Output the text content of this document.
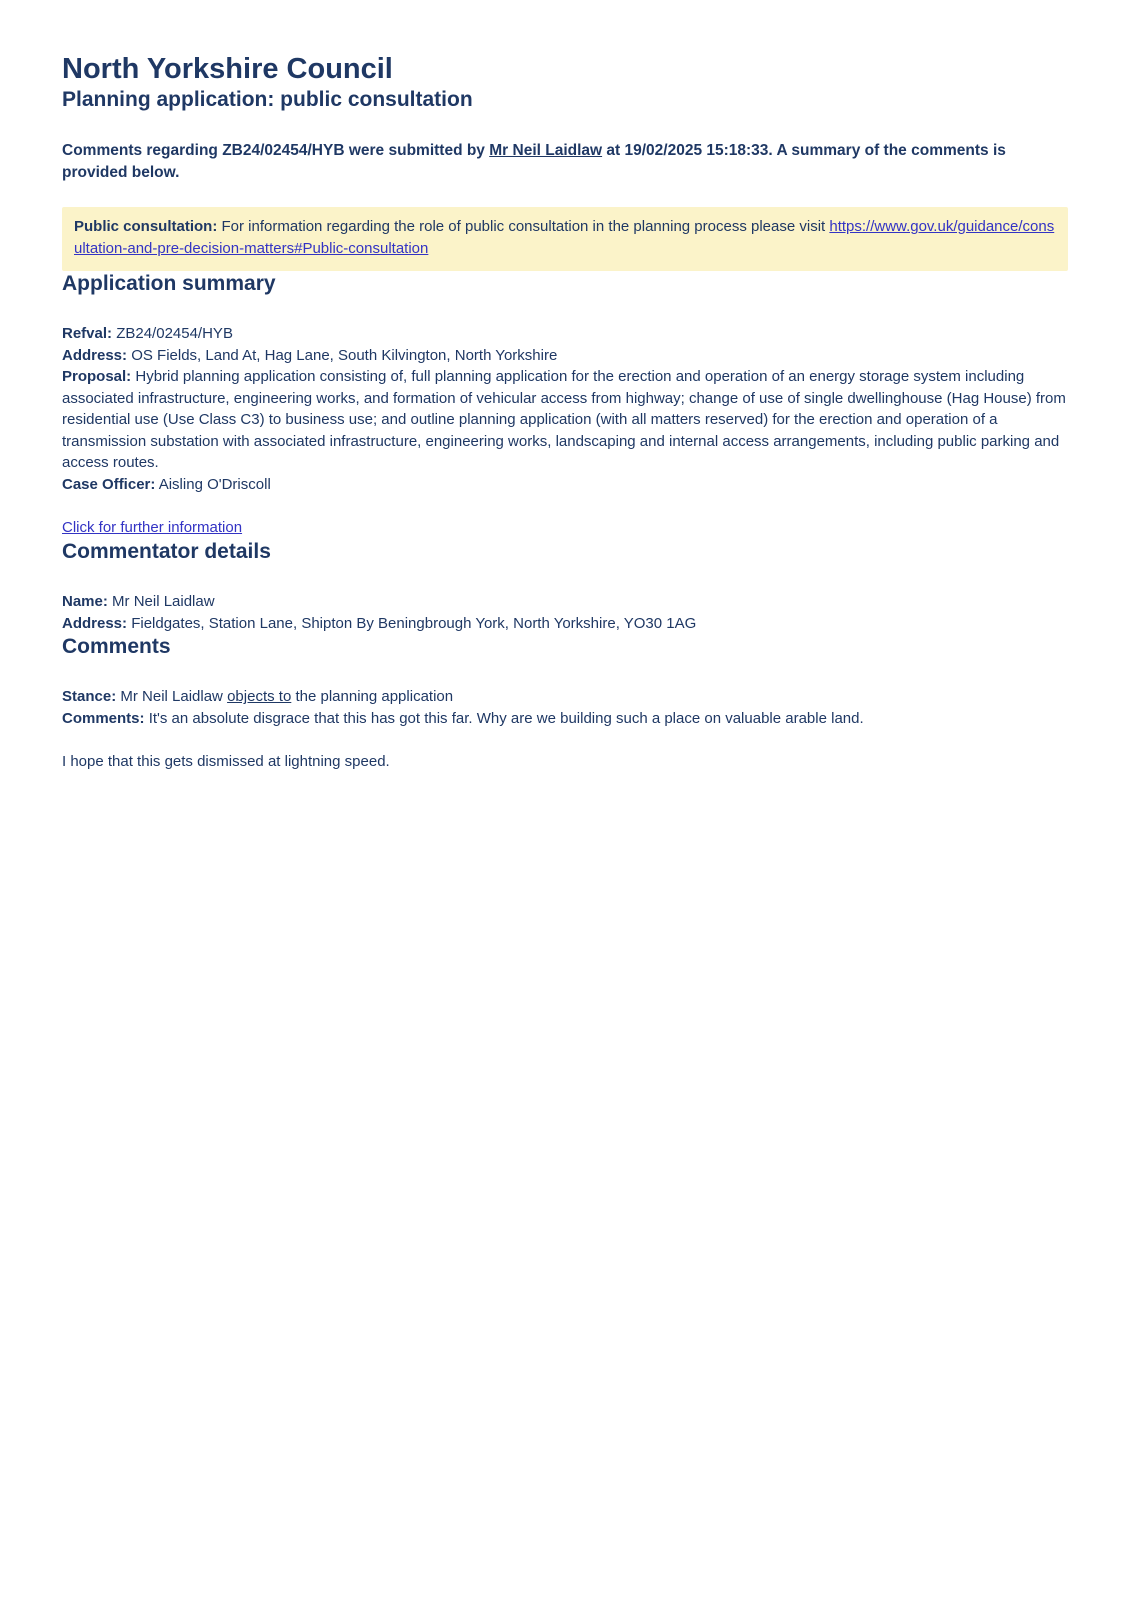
North Yorkshire Council
Planning application: public consultation

Comments regarding ZB24/02454/HYB were submitted by Mr Neil Laidlaw at 19/02/2025 15:18:33. A summary of the comments is provided below.

Public consultation: For information regarding the role of public consultation in the planning process please visit https://www.gov.uk/guidance/consultation-and-pre-decision-matters#Public-consultation
Application summary
Refval: ZB24/02454/HYB
Address: OS Fields, Land At, Hag Lane, South Kilvington, North Yorkshire
Proposal: Hybrid planning application consisting of, full planning application for the erection and operation of an energy storage system including associated infrastructure, engineering works, and formation of vehicular access from highway; change of use of single dwellinghouse (Hag House) from residential use (Use Class C3) to business use; and outline planning application (with all matters reserved) for the erection and operation of a transmission substation with associated infrastructure, engineering works, landscaping and internal access arrangements, including public parking and access routes.
Case Officer: Aisling O'Driscoll
Click for further information
Commentator details
Name: Mr Neil Laidlaw
Address: Fieldgates, Station Lane, Shipton By Beningbrough York, North Yorkshire, YO30 1AG
Comments
Stance: Mr Neil Laidlaw objects to the planning application
Comments: It's an absolute disgrace that this has got this far. Why are we building such a place on valuable arable land.
I hope that this gets dismissed at lightning speed.
